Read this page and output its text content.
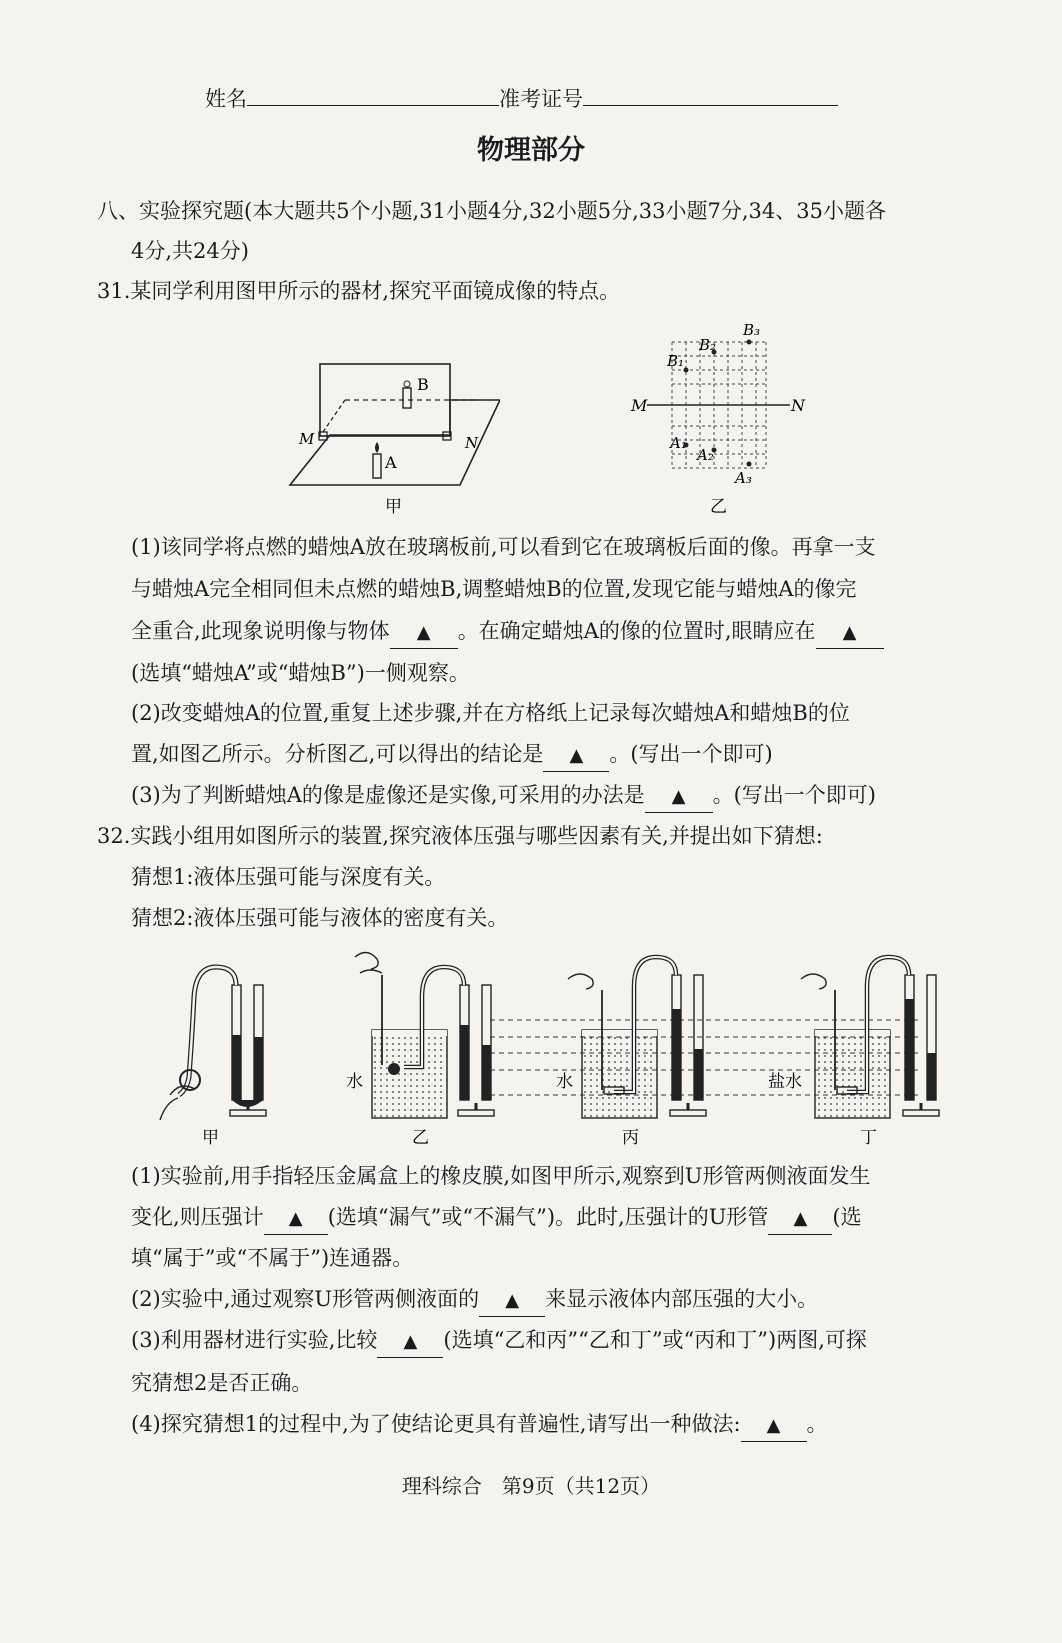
姓名	准考证号
物理部分
八、实验探究题(本大题共5个小题,31小题4分,32小题5分,33小题7分,34、35小题各
4分,共24分)
31.某同学利用图甲所示的器材,探究平面镜成像的特点。
B
A
M	N
甲
B₁
B₂
B₃
A₁
A₂
A₃
M	N
乙
(1)该同学将点燃的蜡烛A放在玻璃板前,可以看到它在玻璃板后面的像。再拿一支
与蜡烛A完全相同但未点燃的蜡烛B,调整蜡烛B的位置,发现它能与蜡烛A的像完
全重合,此现象说明像与物体 ▲ 。在确定蜡烛A的像的位置时,眼睛应在 ▲
(选填“蜡烛A”或“蜡烛B”)一侧观察。
(2)改变蜡烛A的位置,重复上述步骤,并在方格纸上记录每次蜡烛A和蜡烛B的位
置,如图乙所示。分析图乙,可以得出的结论是 ▲ 。(写出一个即可)
(3)为了判断蜡烛A的像是虚像还是实像,可采用的办法是 ▲ 。(写出一个即可)
32.实践小组用如图所示的装置,探究液体压强与哪些因素有关,并提出如下猜想:
猜想1:液体压强可能与深度有关。
猜想2:液体压强可能与液体的密度有关。
甲
水
乙
水
丙
盐水
丁
(1)实验前,用手指轻压金属盒上的橡皮膜,如图甲所示,观察到U形管两侧液面发生
变化,则压强计 ▲ (选填“漏气”或“不漏气”)。此时,压强计的U形管 ▲ (选
填“属于”或“不属于”)连通器。
(2)实验中,通过观察U形管两侧液面的 ▲ 来显示液体内部压强的大小。
(3)利用器材进行实验,比较 ▲ (选填“乙和丙”“乙和丁”或“丙和丁”)两图,可探
究猜想2是否正确。
(4)探究猜想1的过程中,为了使结论更具有普遍性,请写出一种做法: ▲ 。
理科综合　第9页（共12页）
